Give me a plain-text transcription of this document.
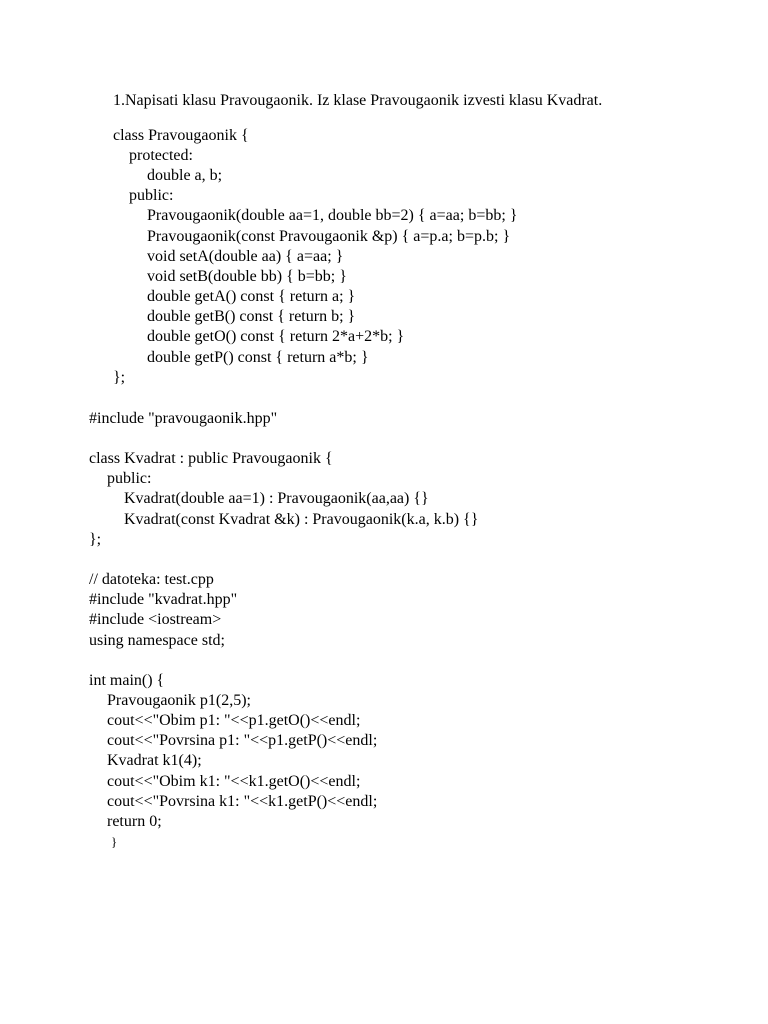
1.Napisati klasu Pravougaonik. Iz klase Pravougaonik izvesti klasu Kvadrat.
class Pravougaonik {
protected:
double a, b;
public:
Pravougaonik(double aa=1, double bb=2) { a=aa; b=bb; }
Pravougaonik(const Pravougaonik &p) { a=p.a; b=p.b; }
void setA(double aa) { a=aa; }
void setB(double bb) { b=bb; }
double getA() const { return a; }
double getB() const { return b; }
double getO() const { return 2*a+2*b; }
double getP() const { return a*b; }
};
#include "pravougaonik.hpp"
class Kvadrat : public Pravougaonik {
public:
Kvadrat(double aa=1) : Pravougaonik(aa,aa) {}
Kvadrat(const Kvadrat &k) : Pravougaonik(k.a, k.b) {}
};
// datoteka: test.cpp
#include "kvadrat.hpp"
#include <iostream>
using namespace std;
int main() {
Pravougaonik p1(2,5);
cout<<"Obim p1: "<<p1.getO()<<endl;
cout<<"Povrsina p1: "<<p1.getP()<<endl;
Kvadrat k1(4);
cout<<"Obim k1: "<<k1.getO()<<endl;
cout<<"Povrsina k1: "<<k1.getP()<<endl;
return 0;
}
